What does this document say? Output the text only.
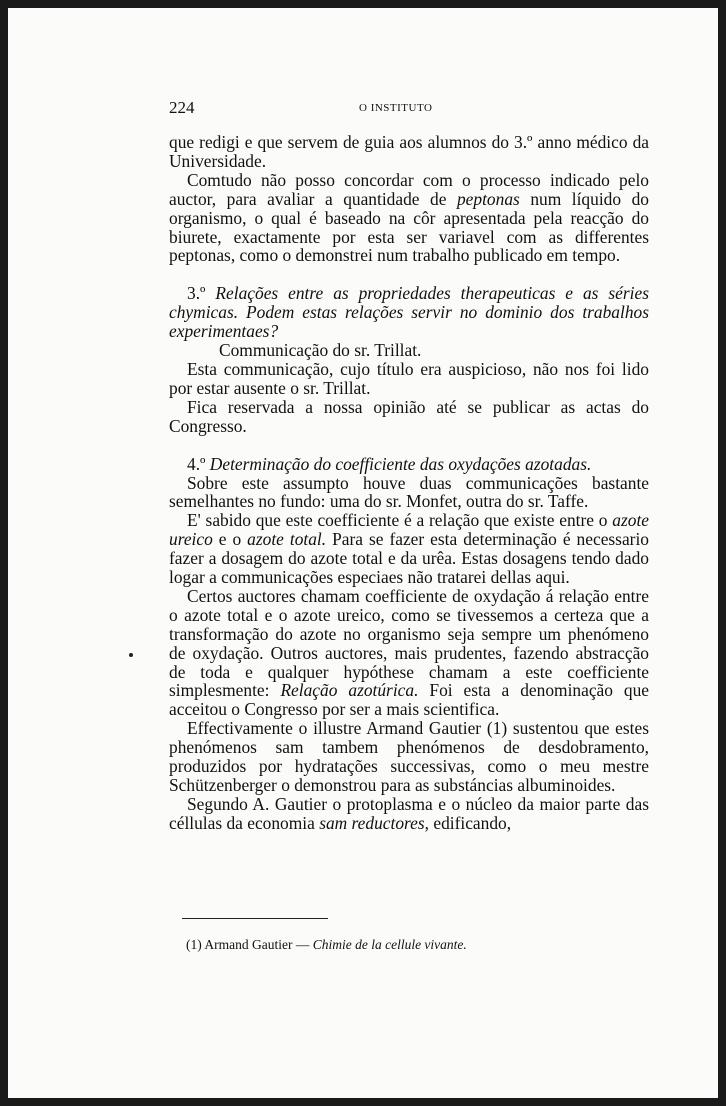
224	O INSTITUTO

que redigi e que servem de guia aos alumnos do 3.º anno médico da Universidade.

Comtudo não posso concordar com o processo indicado pelo auctor, para avaliar a quantidade de peptonas num líquido do organismo, o qual é baseado na côr apresentada pela reacção do biurete, exactamente por esta ser variavel com as differentes peptonas, como o demonstrei num trabalho publicado em tempo.

3.º Relações entre as propriedades therapeuticas e as séries chymicas. Podem estas relações servir no dominio dos trabalhos experimentaes?

Communicação do sr. Trillat.

Esta communicação, cujo título era auspicioso, não nos foi lido por estar ausente o sr. Trillat.

Fica reservada a nossa opinião até se publicar as actas do Congresso.

4.º Determinação do coefficiente das oxydações azotadas.

Sobre este assumpto houve duas communicações bastante semelhantes no fundo: uma do sr. Monfet, outra do sr. Taffe.

E' sabido que este coefficiente é a relação que existe entre o azote ureico e o azote total. Para se fazer esta determinação é necessario fazer a dosagem do azote total e da urêa. Estas dosagens tendo dado logar a communicações especiaes não tratarei dellas aqui.

Certos auctores chamam coefficiente de oxydação á relação entre o azote total e o azote ureico, como se tivessemos a certeza que a transformação do azote no organismo seja sempre um phenómeno de oxydação. Outros auctores, mais prudentes, fazendo abstracção de toda e qualquer hypóthese chamam a este coefficiente simplesmente: Relação azotúrica. Foi esta a denominação que acceitou o Congresso por ser a mais scientifica.

Effectivamente o illustre Armand Gautier (1) sustentou que estes phenómenos sam tambem phenómenos de desdobramento, produzidos por hydratações successivas, como o meu mestre Schützenberger o demonstrou para as substáncias albuminoides.

Segundo A. Gautier o protoplasma e o núcleo da maior parte das céllulas da economia sam reductores, edificando,

(1) Armand Gautier — Chimie de la cellule vivante.
